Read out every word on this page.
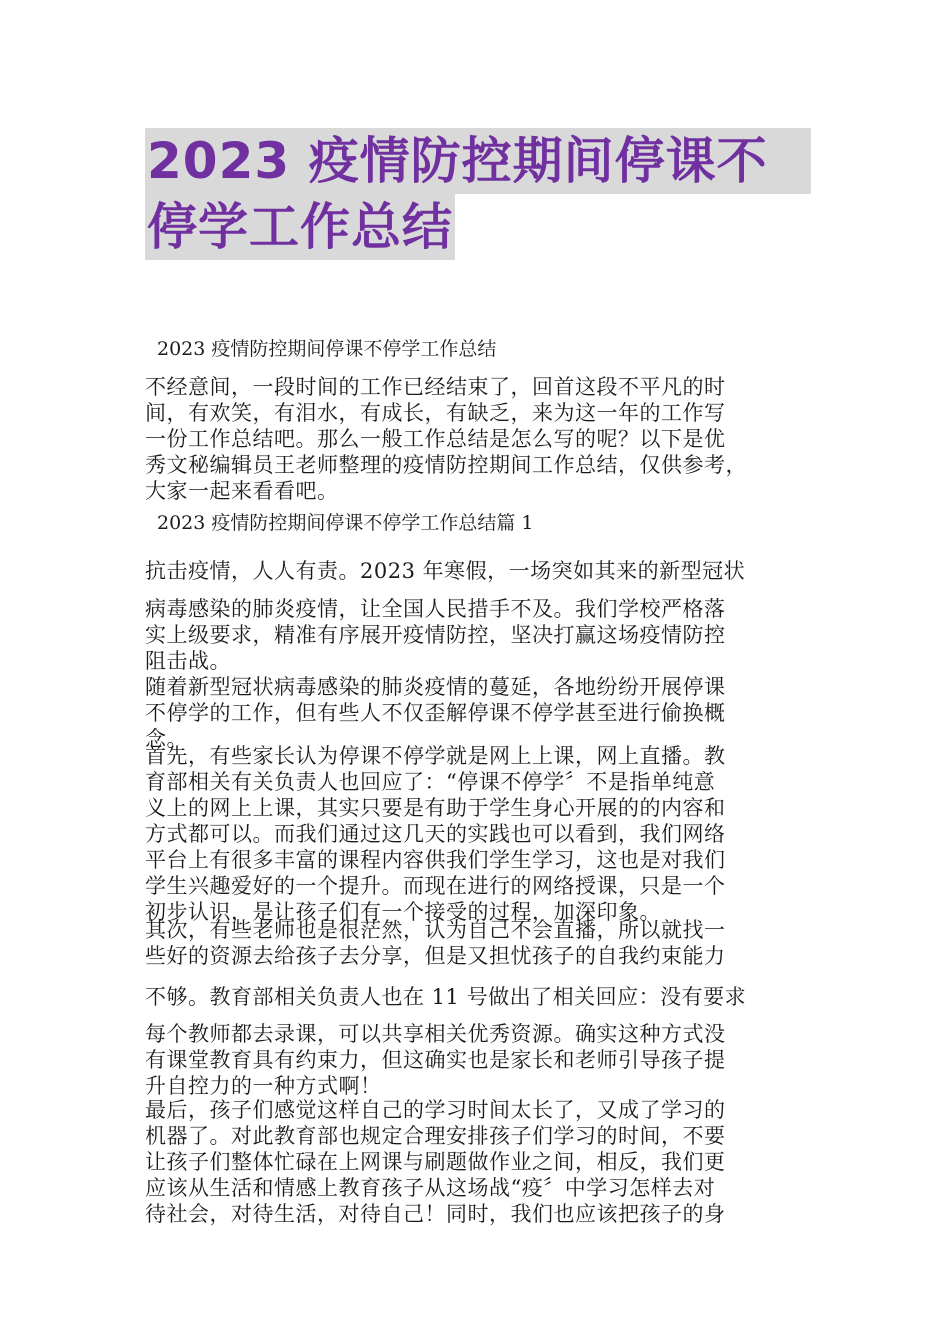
2023 疫情防控期间停课不
停学工作总结
2023 疫情防控期间停课不停学工作总结
不经意间，一段时间的工作已经结束了，回首这段不平凡的时
间，有欢笑，有泪水，有成长，有缺乏，来为这一年的工作写
一份工作总结吧。那么一般工作总结是怎么写的呢？以下是优
秀文秘编辑员王老师整理的疫情防控期间工作总结，仅供参考，
大家一起来看看吧。
2023 疫情防控期间停课不停学工作总结篇 1
抗击疫情，人人有责。2023 年寒假，一场突如其来的新型冠状
病毒感染的肺炎疫情，让全国人民措手不及。我们学校严格落
实上级要求，精准有序展开疫情防控，坚决打赢这场疫情防控
阻击战。
随着新型冠状病毒感染的肺炎疫情的蔓延，各地纷纷开展停课
不停学的工作，但有些人不仅歪解停课不停学甚至进行偷换概
念。
首先，有些家长认为停课不停学就是网上上课，网上直播。教
育部相关有关负责人也回应了：“停课不停学〞不是指单纯意
义上的网上上课，其实只要是有助于学生身心开展的的内容和
方式都可以。而我们通过这几天的实践也可以看到，我们网络
平台上有很多丰富的课程内容供我们学生学习，这也是对我们
学生兴趣爱好的一个提升。而现在进行的网络授课，只是一个
初步认识，是让孩子们有一个接受的过程，加深印象。
其次，有些老师也是很茫然，认为自己不会直播，所以就找一
些好的资源去给孩子去分享，但是又担忧孩子的自我约束能力
不够。教育部相关负责人也在 11 号做出了相关回应：没有要求
每个教师都去录课，可以共享相关优秀资源。确实这种方式没
有课堂教育具有约束力，但这确实也是家长和老师引导孩子提
升自控力的一种方式啊！
最后，孩子们感觉这样自己的学习时间太长了，又成了学习的
机器了。对此教育部也规定合理安排孩子们学习的时间，不要
让孩子们整体忙碌在上网课与刷题做作业之间，相反，我们更
应该从生活和情感上教育孩子从这场战“疫〞中学习怎样去对
待社会，对待生活，对待自己！同时，我们也应该把孩子的身
